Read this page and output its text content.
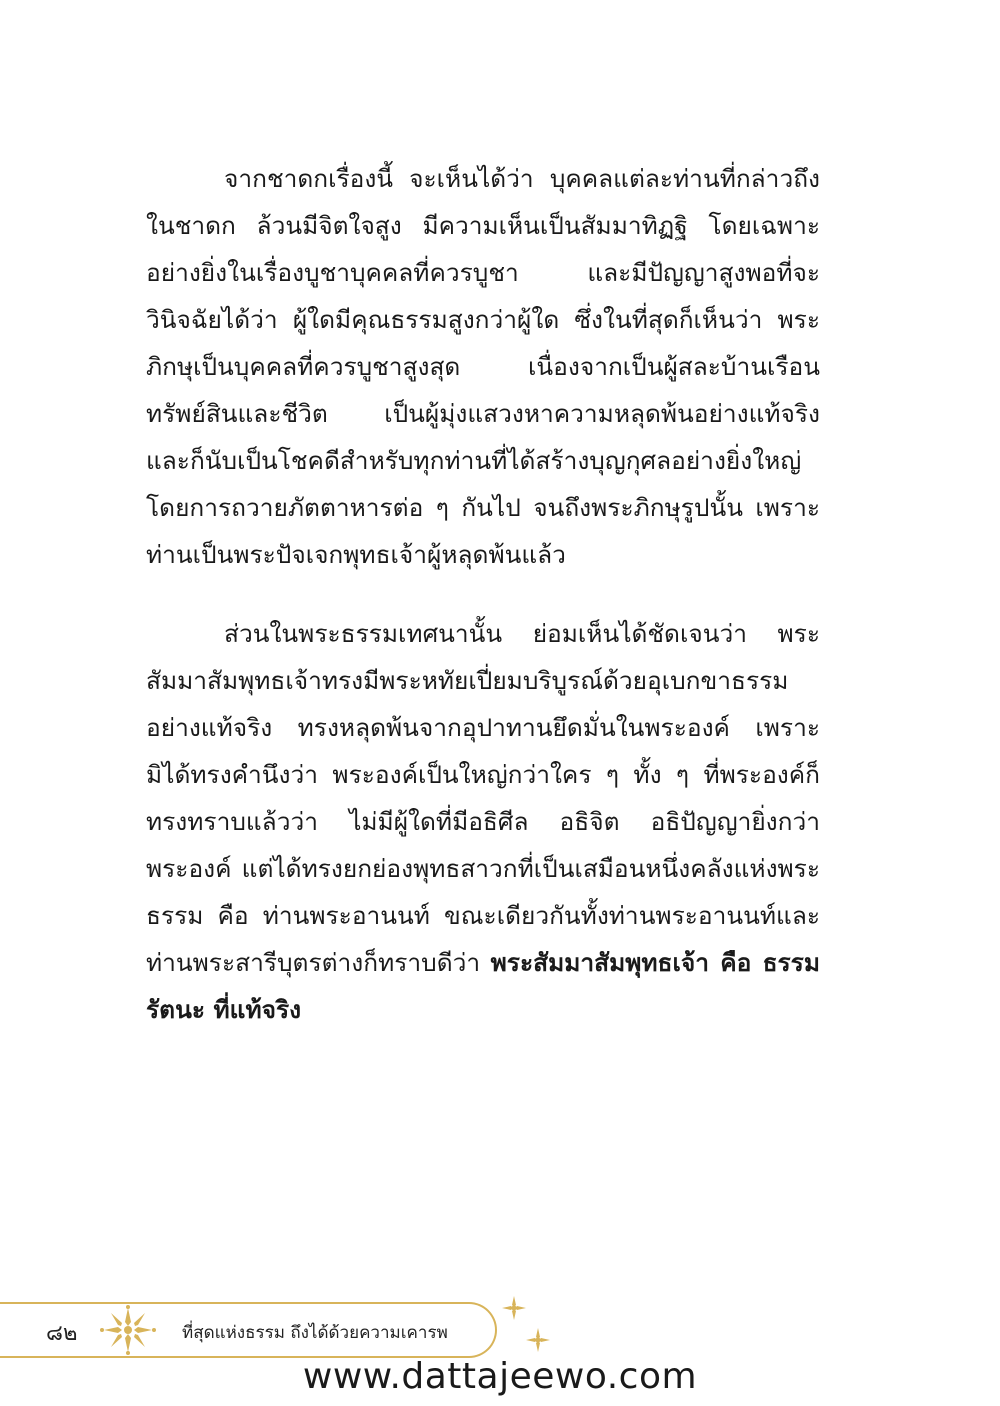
จากชาดกเรื่องนี้ จะเห็นได้ว่า บุคคลแต่ละท่านที่กล่าวถึงในชาดก ล้วนมีจิตใจสูง มีความเห็นเป็นสัมมาทิฏฐิ โดยเฉพาะอย่างยิ่งในเรื่องบูชาบุคคลที่ควรบูชา และมีปัญญาสูงพอที่จะวินิจฉัยได้ว่า ผู้ใดมีคุณธรรมสูงกว่าผู้ใด ซึ่งในที่สุดก็เห็นว่า พระภิกษุเป็นบุคคลที่ควรบูชาสูงสุด เนื่องจากเป็นผู้สละบ้านเรือน ทรัพย์สินและชีวิต เป็นผู้มุ่งแสวงหาความหลุดพ้นอย่างแท้จริง และก็นับเป็นโชคดีสำหรับทุกท่านที่ได้สร้างบุญกุศลอย่างยิ่งใหญ่โดยการถวายภัตตาหารต่อ ๆ กันไป จนถึงพระภิกษุรูปนั้น เพราะท่านเป็นพระปัจเจกพุทธเจ้าผู้หลุดพ้นแล้ว

ส่วนในพระธรรมเทศนานั้น ย่อมเห็นได้ชัดเจนว่า พระสัมมาสัมพุทธเจ้าทรงมีพระหทัยเปี่ยมบริบูรณ์ด้วยอุเบกขาธรรมอย่างแท้จริง ทรงหลุดพ้นจากอุปาทานยึดมั่นในพระองค์ เพราะมิได้ทรงคำนึงว่า พระองค์เป็นใหญ่กว่าใคร ๆ ทั้ง ๆ ที่พระองค์ก็ทรงทราบแล้วว่า ไม่มีผู้ใดที่มีอธิศีล อธิจิต อธิปัญญายิ่งกว่าพระองค์ แต่ได้ทรงยกย่องพุทธสาวกที่เป็นเสมือนหนึ่งคลังแห่งพระธรรม คือ ท่านพระอานนท์ ขณะเดียวกันทั้งท่านพระอานนท์และท่านพระสารีบุตรต่างก็ทราบดีว่า พระสัมมาสัมพุทธเจ้า คือ ธรรมรัตนะ ที่แท้จริง

๘๒	ที่สุดแห่งธรรม ถึงได้ด้วยความเคารพ
www.dattajeewo.com
